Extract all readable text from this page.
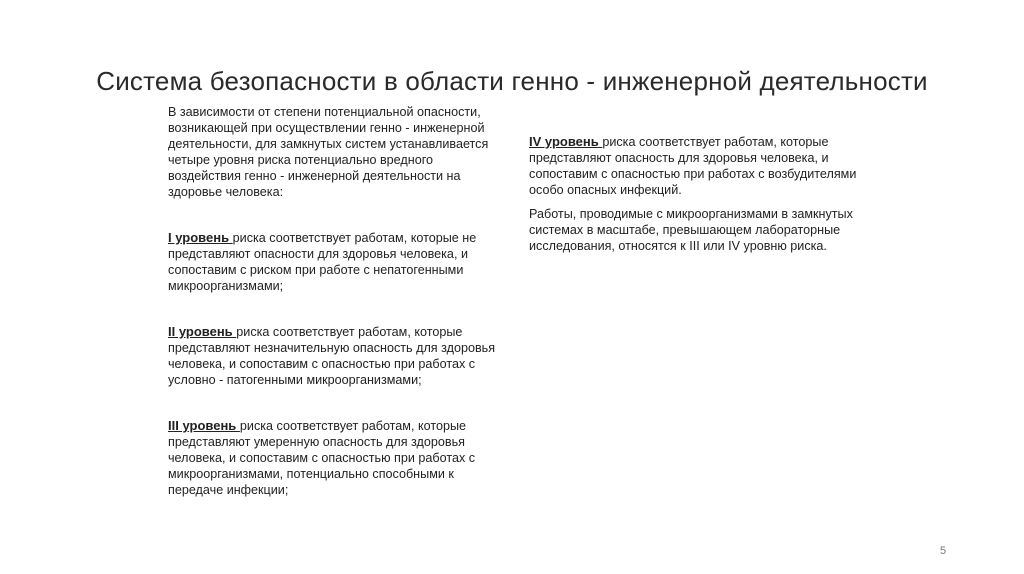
Система безопасности в области генно - инженерной деятельности

В зависимости от степени потенциальной опасности, возникающей при осуществлении генно - инженерной деятельности, для замкнутых систем устанавливается четыре уровня риска потенциально вредного воздействия генно - инженерной деятельности на здоровье человека:

I уровень риска соответствует работам, которые не представляют опасности для здоровья человека, и сопоставим с риском при работе с непатогенными микроорганизмами;

II уровень риска соответствует работам, которые представляют незначительную опасность для здоровья человека, и сопоставим с опасностью при работах с условно - патогенными микроорганизмами;

III уровень риска соответствует работам, которые представляют умеренную опасность для здоровья человека, и сопоставим с опасностью при работах с микроорганизмами, потенциально способными к передаче инфекции;

IV уровень риска соответствует работам, которые представляют опасность для здоровья человека, и сопоставим с опасностью при работах с возбудителями особо опасных инфекций.

Работы, проводимые с микроорганизмами в замкнутых системах в масштабе, превышающем лабораторные исследования, относятся к III или IV уровню риска.

5
